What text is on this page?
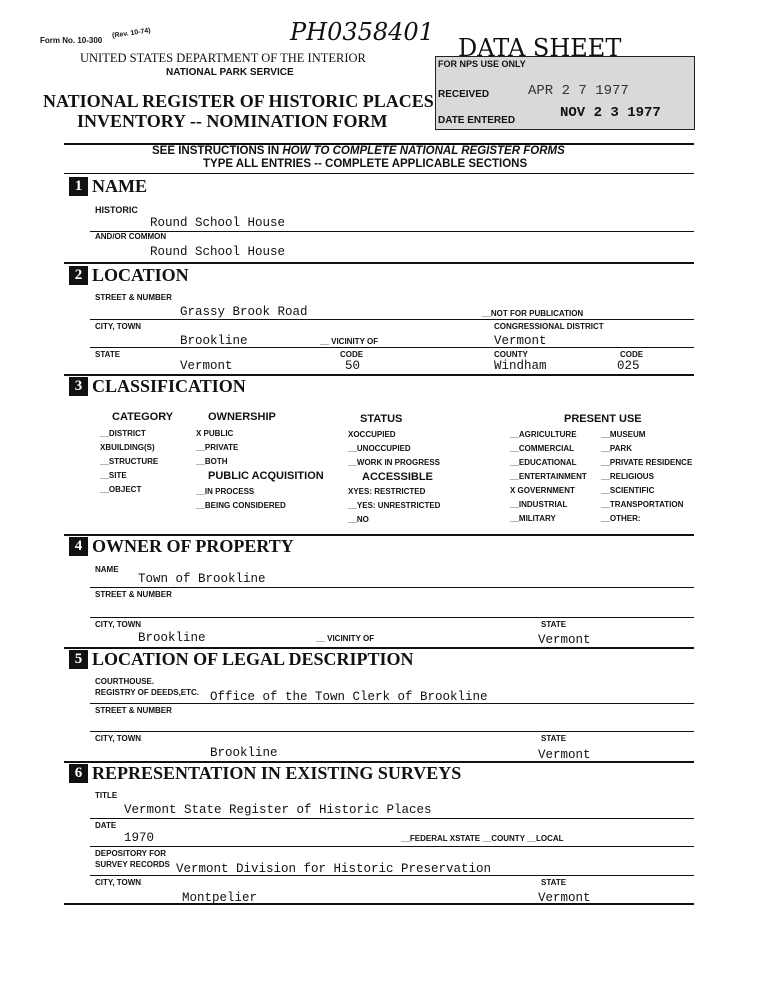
Form No. 10-300
(Rev. 10-74)	PH0358401
UNITED STATES DEPARTMENT OF THE INTERIOR
NATIONAL PARK SERVICE
NATIONAL REGISTER OF HISTORIC PLACES
INVENTORY -- NOMINATION FORM
FOR NPS USE ONLY
RECEIVED	APR 2 7 1977
DATE ENTERED	NOV 2 3 1977
DATA SHEET
SEE INSTRUCTIONS IN HOW TO COMPLETE NATIONAL REGISTER FORMS
TYPE ALL ENTRIES -- COMPLETE APPLICABLE SECTIONS
1 NAME
HISTORIC
Round School House
AND/OR COMMON
Round School House
2 LOCATION
STREET & NUMBER
Grassy Brook Road	__NOT FOR PUBLICATION
CITY, TOWN	CONGRESSIONAL DISTRICT
Brookline	__ VICINITY OF	Vermont
STATE	CODE	COUNTY	CODE
Vermont	50	Windham	025
3 CLASSIFICATION
CATEGORY
__DISTRICT
XBUILDING(S)
__STRUCTURE
__SITE
__OBJECT
OWNERSHIP
X PUBLIC
__PRIVATE
__BOTH
PUBLIC ACQUISITION
__IN PROCESS
__BEING CONSIDERED
STATUS
XOCCUPIED
__UNOCCUPIED
__WORK IN PROGRESS
ACCESSIBLE
XYES: RESTRICTED
__YES: UNRESTRICTED
__NO
PRESENT USE
__AGRICULTURE
__COMMERCIAL
__EDUCATIONAL
__ENTERTAINMENT
X GOVERNMENT
__INDUSTRIAL
__MILITARY
__MUSEUM
__PARK
__PRIVATE RESIDENCE
__RELIGIOUS
__SCIENTIFIC
__TRANSPORTATION
__OTHER:
4 OWNER OF PROPERTY
NAME
Town of Brookline
STREET & NUMBER
CITY, TOWN	STATE
Brookline	__ VICINITY OF	Vermont
5 LOCATION OF LEGAL DESCRIPTION
COURTHOUSE.
REGISTRY OF DEEDS,ETC. Office of the Town Clerk of Brookline
STREET & NUMBER
CITY, TOWN	STATE
Brookline	Vermont
6 REPRESENTATION IN EXISTING SURVEYS
TITLE
Vermont State Register of Historic Places
DATE
1970	__FEDERAL XSTATE __COUNTY __LOCAL
DEPOSITORY FOR
SURVEY RECORDS Vermont Division for Historic Preservation
CITY, TOWN	STATE
Montpelier	Vermont
